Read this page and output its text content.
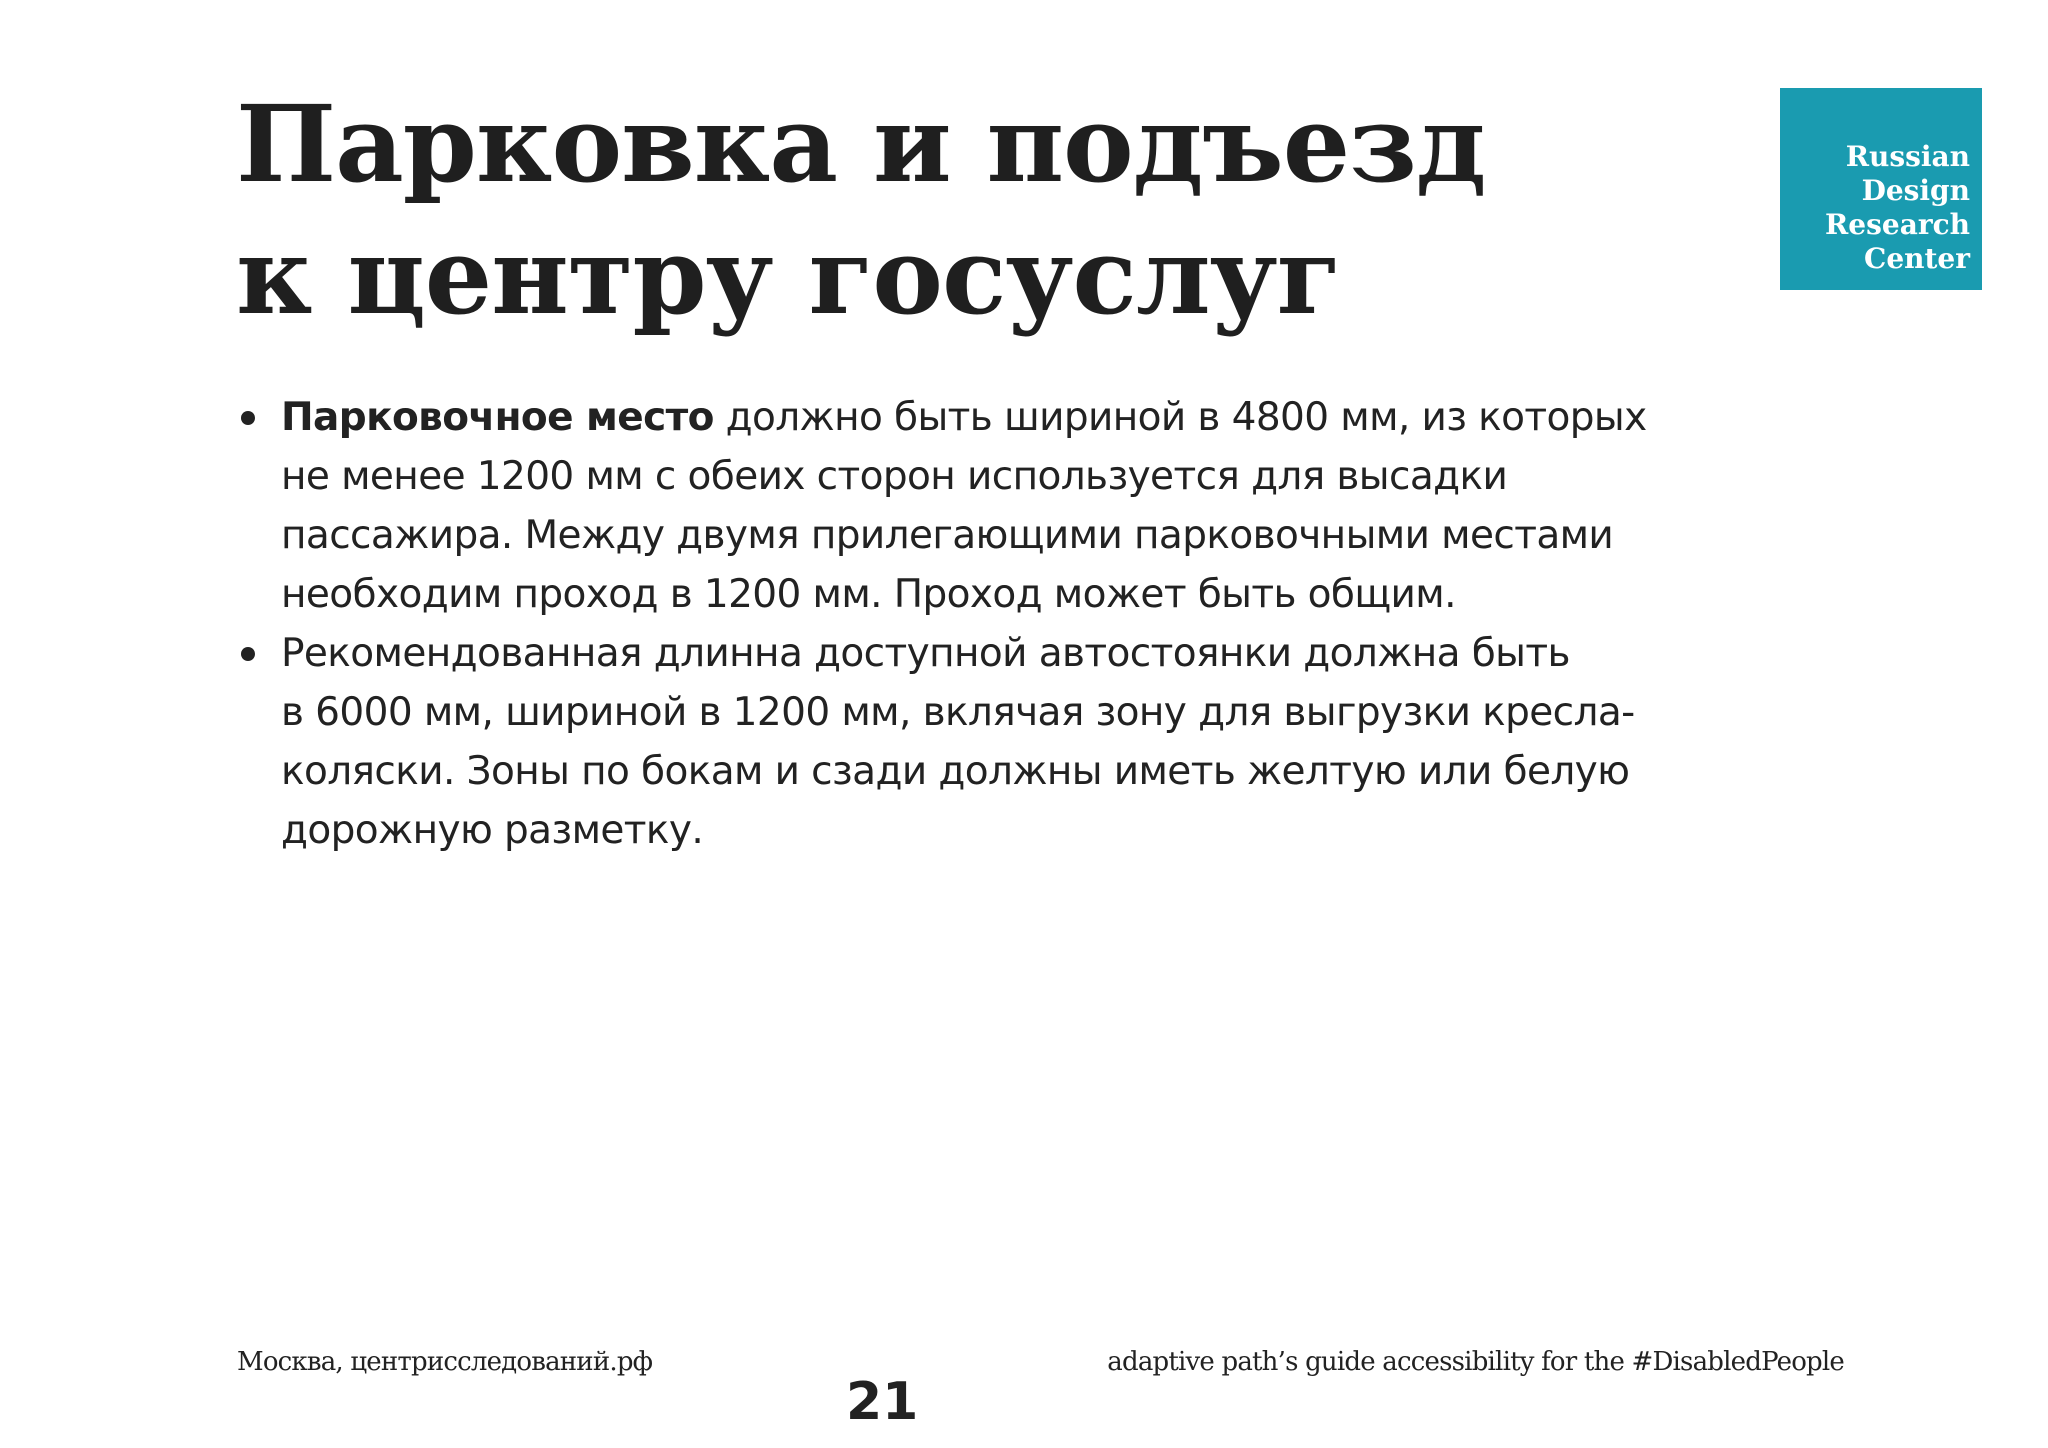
Парковка и подъезд
к центру госуслуг
Russian
Design
Research
Center
Парковочное место должно быть шириной в 4800 мм, из которых
не менее 1200 мм с обеих сторон используется для высадки
пассажира. Между двумя прилегающими парковочными местами
необходим проход в 1200 мм. Проход может быть общим.
Рекомендованная длинна доступной автостоянки должна быть
в 6000 мм, шириной в 1200 мм, вклячая зону для выгрузки кресла-
коляски. Зоны по бокам и сзади должны иметь желтую или белую
дорожную разметку.
Москва, центрисследований.рф
21
adaptive path’s guide accessibility for the #DisabledPeople
